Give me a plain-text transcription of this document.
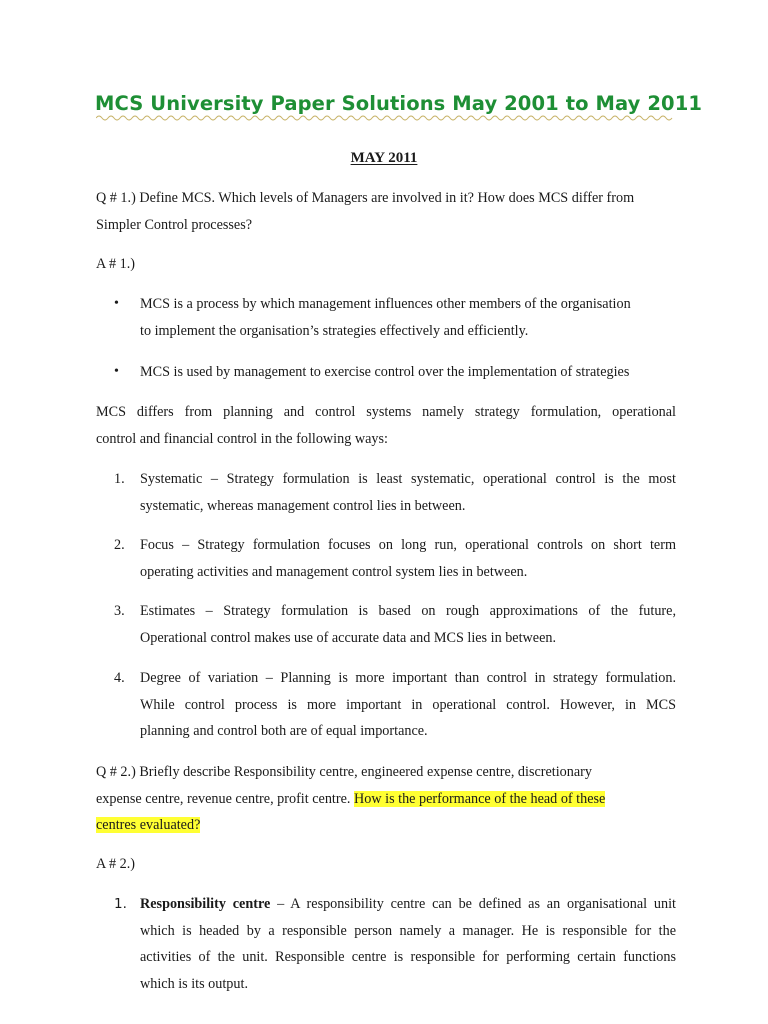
MCS University Paper Solutions May 2001 to May 2011
MAY 2011
Q # 1.) Define MCS. Which levels of Managers are involved in it? How does MCS differ from
Simpler Control processes?
A # 1.)
• MCS is a process by which management influences other members of the organisation
to implement the organisation’s strategies effectively and efficiently.
• MCS is used by management to exercise control over the implementation of strategies
MCS differs from planning and control systems namely strategy formulation, operational
control and financial control in the following ways:
1. Systematic – Strategy formulation is least systematic, operational control is the most
systematic, whereas management control lies in between.
2. Focus – Strategy formulation focuses on long run, operational controls on short term
operating activities and management control system lies in between.
3. Estimates – Strategy formulation is based on rough approximations of the future,
Operational control makes use of accurate data and MCS lies in between.
4. Degree of variation – Planning is more important than control in strategy formulation.
While control process is more important in operational control. However, in MCS
planning and control both are of equal importance.
Q # 2.) Briefly describe Responsibility centre, engineered expense centre, discretionary
expense centre, revenue centre, profit centre. How is the performance of the head of these
centres evaluated?
A # 2.)
1. Responsibility centre – A responsibility centre can be defined as an organisational unit
which is headed by a responsible person namely a manager. He is responsible for the
activities of the unit. Responsible centre is responsible for performing certain functions
which is its output.
